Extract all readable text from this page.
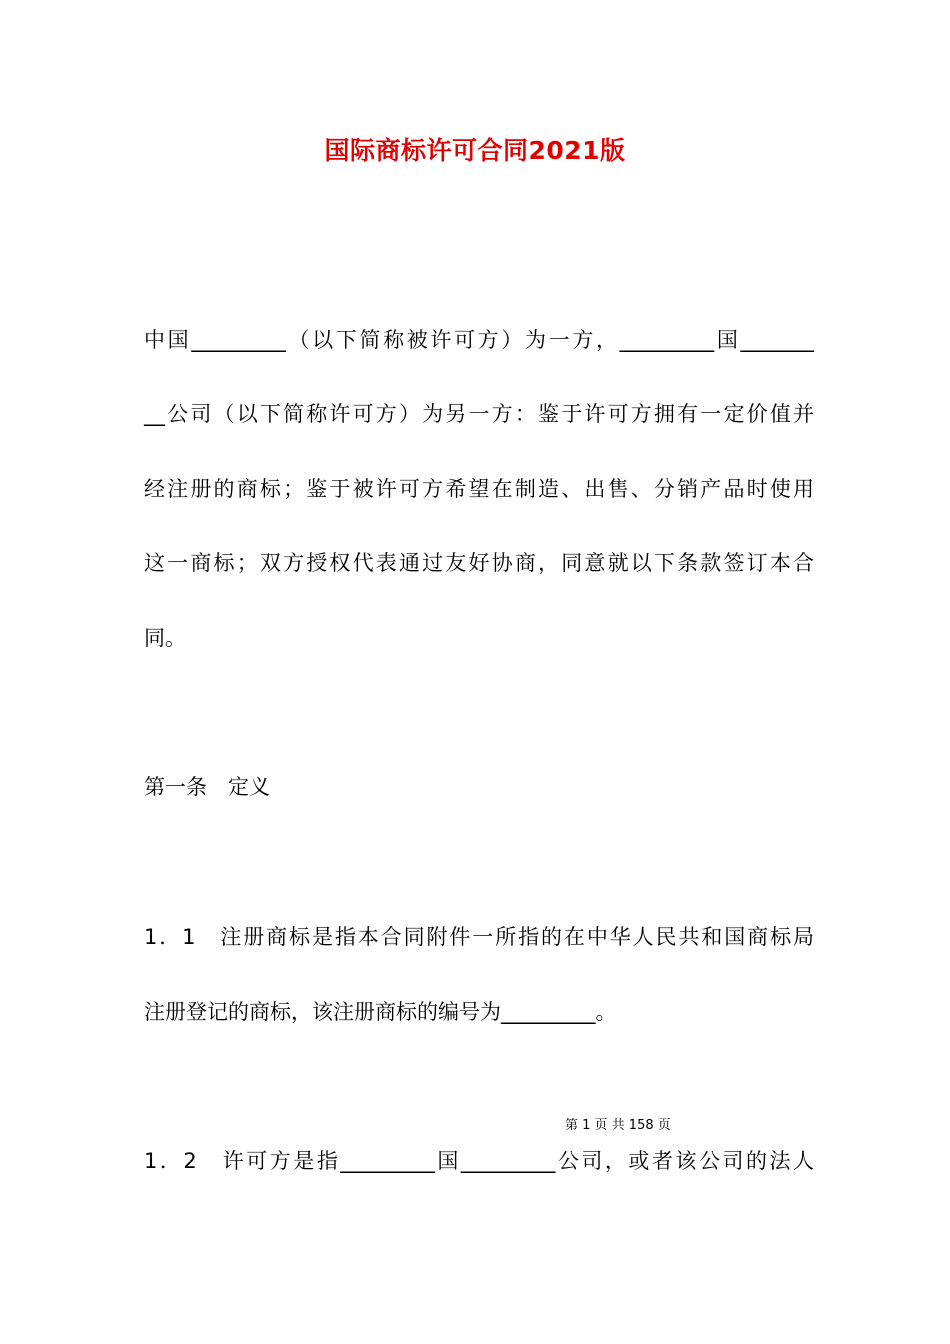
国际商标许可合同2021版
中国_________（以下简称被许可方）为一方，_________国_______
__公司（以下简称许可方）为另一方：鉴于许可方拥有一定价值并
经注册的商标；鉴于被许可方希望在制造、出售、分销产品时使用
这一商标；双方授权代表通过友好协商，同意就以下条款签订本合
同。
第一条　定义
1．1　注册商标是指本合同附件一所指的在中华人民共和国商标局
注册登记的商标，该注册商标的编号为_________。
第 1 页 共 158 页
1．2　许可方是指_________国_________公司，或者该公司的法人
